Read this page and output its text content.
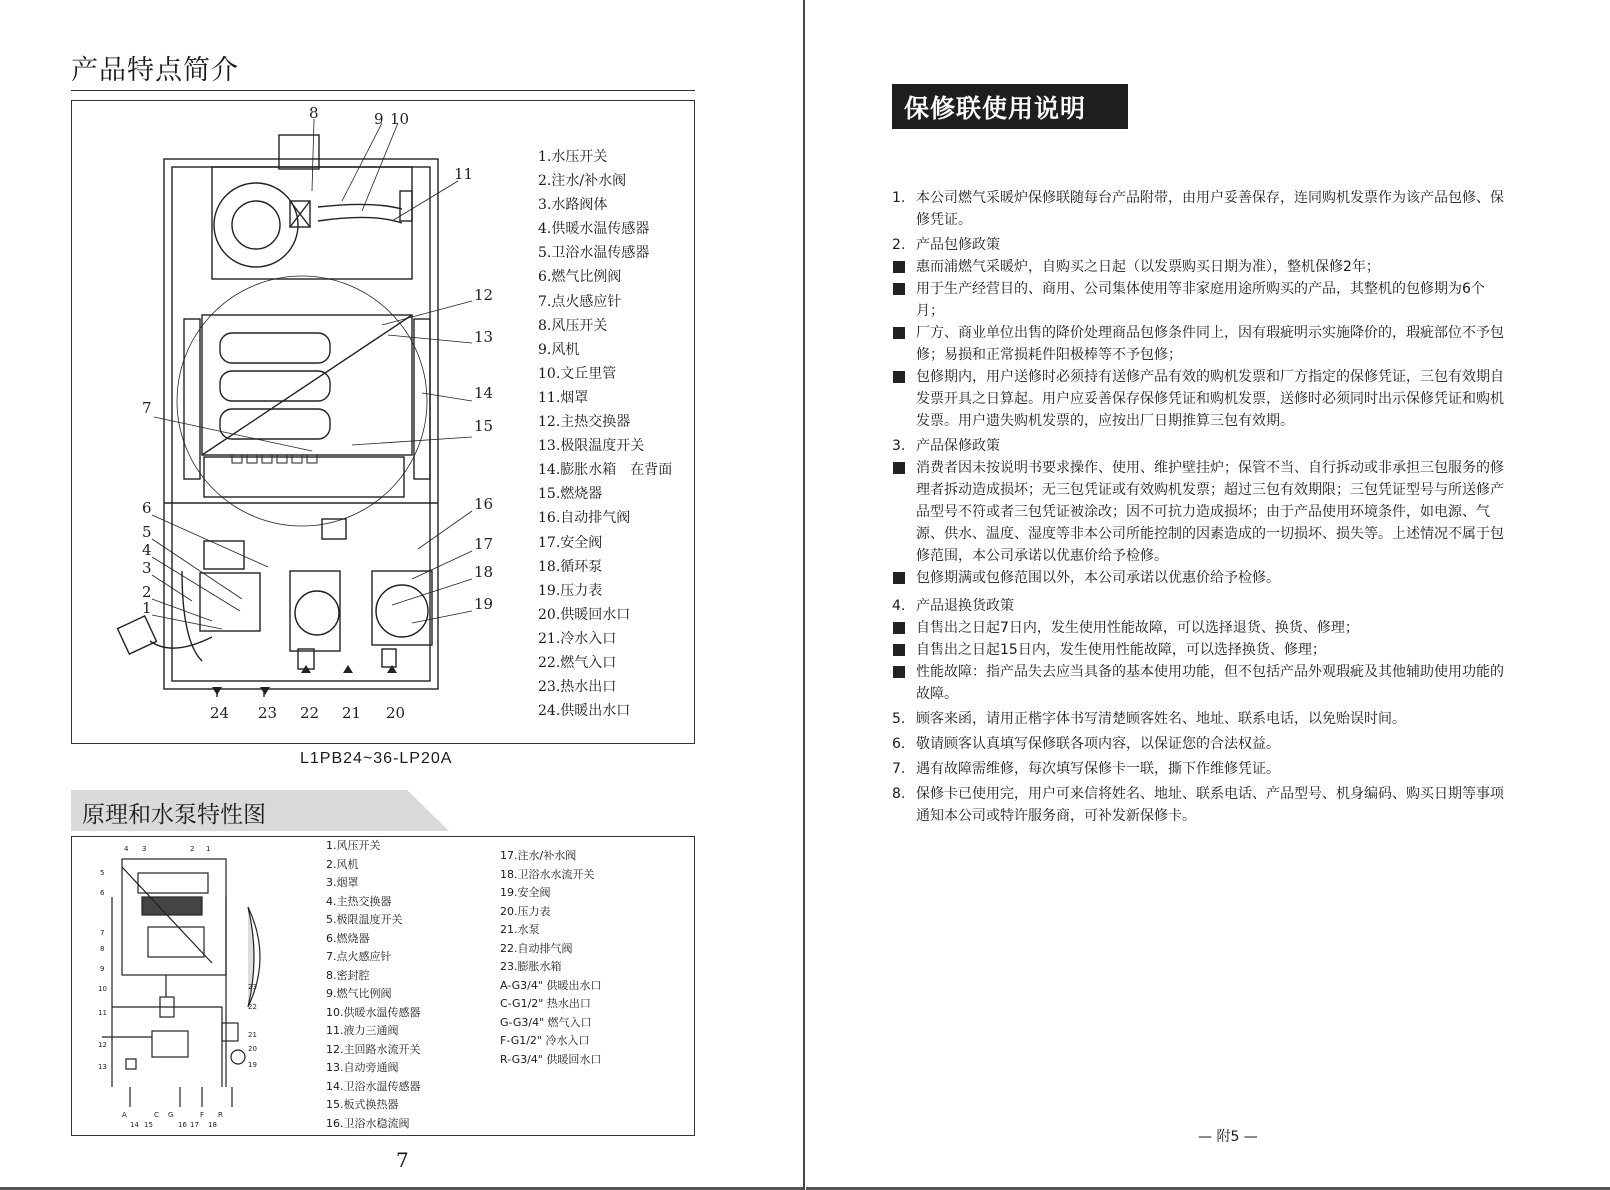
产品特点简介
8	9 10
11
12
13
14
15
7
6
5
4
3
2
1
16
17
18
19
24 23 22 21 20
1.水压开关
2.注水/补水阀
3.水路阀体
4.供暖水温传感器
5.卫浴水温传感器
6.燃气比例阀
7.点火感应针
8.风压开关
9.风机
10.文丘里管
11.烟罩
12.主热交换器
13.极限温度开关
14.膨胀水箱　在背面
15.燃烧器
16.自动排气阀
17.安全阀
18.循环泵
19.压力表
20.供暖回水口
21.冷水入口
22.燃气入口
23.热水出口
24.供暖出水口
L1PB24~36-LP20A
原理和水泵特性图
4 3	2 1
5
6
7
8
9
10
11
12
13
23
22
21
20
19
A	C
14 15
G
16 17
F
18
R
1.风压开关
2.风机
3.烟罩
4.主热交换器
5.极限温度开关
6.燃烧器
7.点火感应针
8.密封腔
9.燃气比例阀
10.供暖水温传感器
11.液力三通阀
12.主回路水流开关
13.自动旁通阀
14.卫浴水温传感器
15.板式换热器
16.卫浴水稳流阀
17.注水/补水阀
18.卫浴水水流开关
19.安全阀
20.压力表
21.水泵
22.自动排气阀
23.膨胀水箱
A-G3/4" 供暖出水口
C-G1/2" 热水出口
G-G3/4" 燃气入口
F-G1/2" 冷水入口
R-G3/4" 供暖回水口
7
保修联使用说明
1. 本公司燃气采暖炉保修联随每台产品附带，由用户妥善保存，连同购机发票作为该产品包修、保修凭证。
2. 产品包修政策
惠而浦燃气采暖炉，自购买之日起（以发票购买日期为准），整机保修2年；
用于生产经营目的、商用、公司集体使用等非家庭用途所购买的产品，其整机的包修期为6个月；
厂方、商业单位出售的降价处理商品包修条件同上，因有瑕疵明示实施降价的，瑕疵部位不予包修；易损和正常损耗件阳极棒等不予包修；
包修期内，用户送修时必须持有送修产品有效的购机发票和厂方指定的保修凭证，三包有效期自发票开具之日算起。用户应妥善保存保修凭证和购机发票，送修时必须同时出示保修凭证和购机发票。用户遗失购机发票的，应按出厂日期推算三包有效期。
3. 产品保修政策
消费者因未按说明书要求操作、使用、维护壁挂炉；保管不当、自行拆动或非承担三包服务的修理者拆动造成损坏；无三包凭证或有效购机发票；超过三包有效期限；三包凭证型号与所送修产品型号不符或者三包凭证被涂改；因不可抗力造成损坏；由于产品使用环境条件，如电源、气源、供水、温度、湿度等非本公司所能控制的因素造成的一切损坏、损失等。上述情况不属于包修范围，本公司承诺以优惠价给予检修。
包修期满或包修范围以外，本公司承诺以优惠价给予检修。
4. 产品退换货政策
自售出之日起7日内，发生使用性能故障，可以选择退货、换货、修理；
自售出之日起15日内，发生使用性能故障，可以选择换货、修理；
性能故障：指产品失去应当具备的基本使用功能，但不包括产品外观瑕疵及其他辅助使用功能的故障。
5. 顾客来函，请用正楷字体书写清楚顾客姓名、地址、联系电话，以免贻误时间。
6. 敬请顾客认真填写保修联各项内容，以保证您的合法权益。
7. 遇有故障需维修，每次填写保修卡一联，撕下作维修凭证。
8. 保修卡已使用完，用户可来信将姓名、地址、联系电话、产品型号、机身编码、购买日期等事项通知本公司或特许服务商，可补发新保修卡。
— 附5 —
